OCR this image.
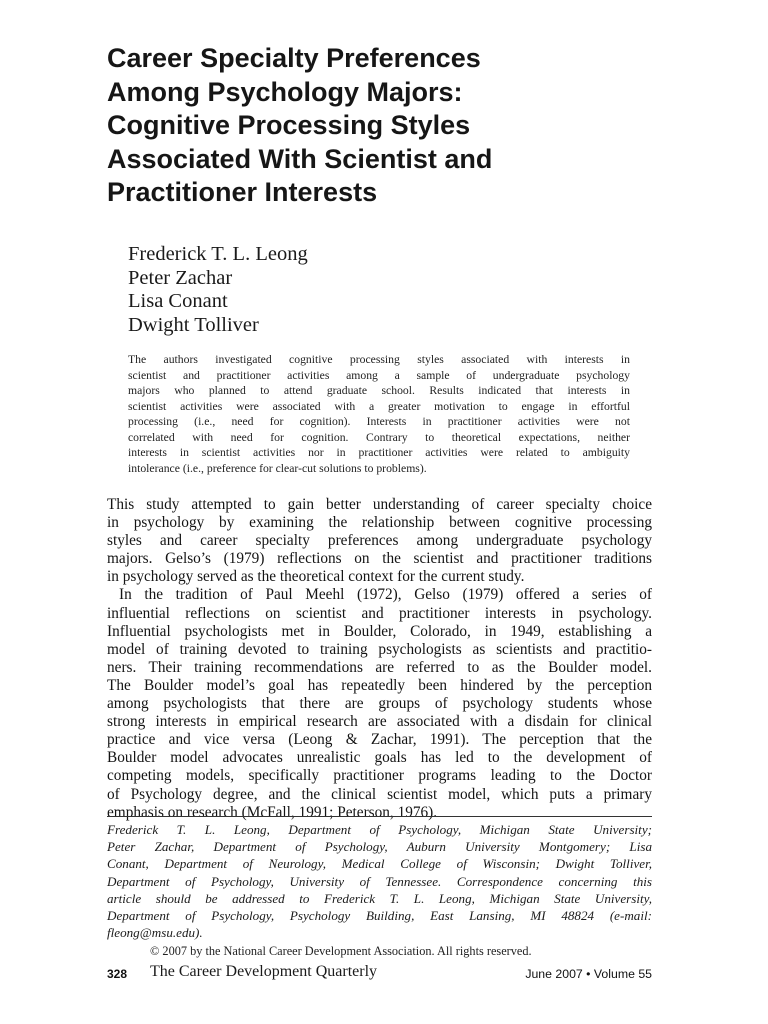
Career Specialty Preferences
Among Psychology Majors:
Cognitive Processing Styles
Associated With Scientist and
Practitioner Interests
Frederick T. L. Leong
Peter Zachar
Lisa Conant
Dwight Tolliver
The authors investigated cognitive processing styles associated with interests in
scientist and practitioner activities among a sample of undergraduate psychology
majors who planned to attend graduate school. Results indicated that interests in
scientist activities were associated with a greater motivation to engage in effortful
processing (i.e., need for cognition). Interests in practitioner activities were not
correlated with need for cognition. Contrary to theoretical expectations, neither
interests in scientist activities nor in practitioner activities were related to ambiguity
intolerance (i.e., preference for clear-cut solutions to problems).
This study attempted to gain better understanding of career specialty choice
in psychology by examining the relationship between cognitive processing
styles and career specialty preferences among undergraduate psychology
majors. Gelso’s (1979) reflections on the scientist and practitioner traditions
in psychology served as the theoretical context for the current study.
In the tradition of Paul Meehl (1972), Gelso (1979) offered a series of
influential reflections on scientist and practitioner interests in psychology.
Influential psychologists met in Boulder, Colorado, in 1949, establishing a
model of training devoted to training psychologists as scientists and practitio-
ners. Their training recommendations are referred to as the Boulder model.
The Boulder model’s goal has repeatedly been hindered by the perception
among psychologists that there are groups of psychology students whose
strong interests in empirical research are associated with a disdain for clinical
practice and vice versa (Leong & Zachar, 1991). The perception that the
Boulder model advocates unrealistic goals has led to the development of
competing models, specifically practitioner programs leading to the Doctor
of Psychology degree, and the clinical scientist model, which puts a primary
emphasis on research (McFall, 1991; Peterson, 1976).
Frederick T. L. Leong, Department of Psychology, Michigan State University;
Peter Zachar, Department of Psychology, Auburn University Montgomery; Lisa
Conant, Department of Neurology, Medical College of Wisconsin; Dwight Tolliver,
Department of Psychology, University of Tennessee. Correspondence concerning this
article should be addressed to Frederick T. L. Leong, Michigan State University,
Department of Psychology, Psychology Building, East Lansing, MI 48824 (e-mail:
fleong@msu.edu).
© 2007 by the National Career Development Association. All rights reserved.
328 The Career Development Quarterly	June 2007 • Volume 55
